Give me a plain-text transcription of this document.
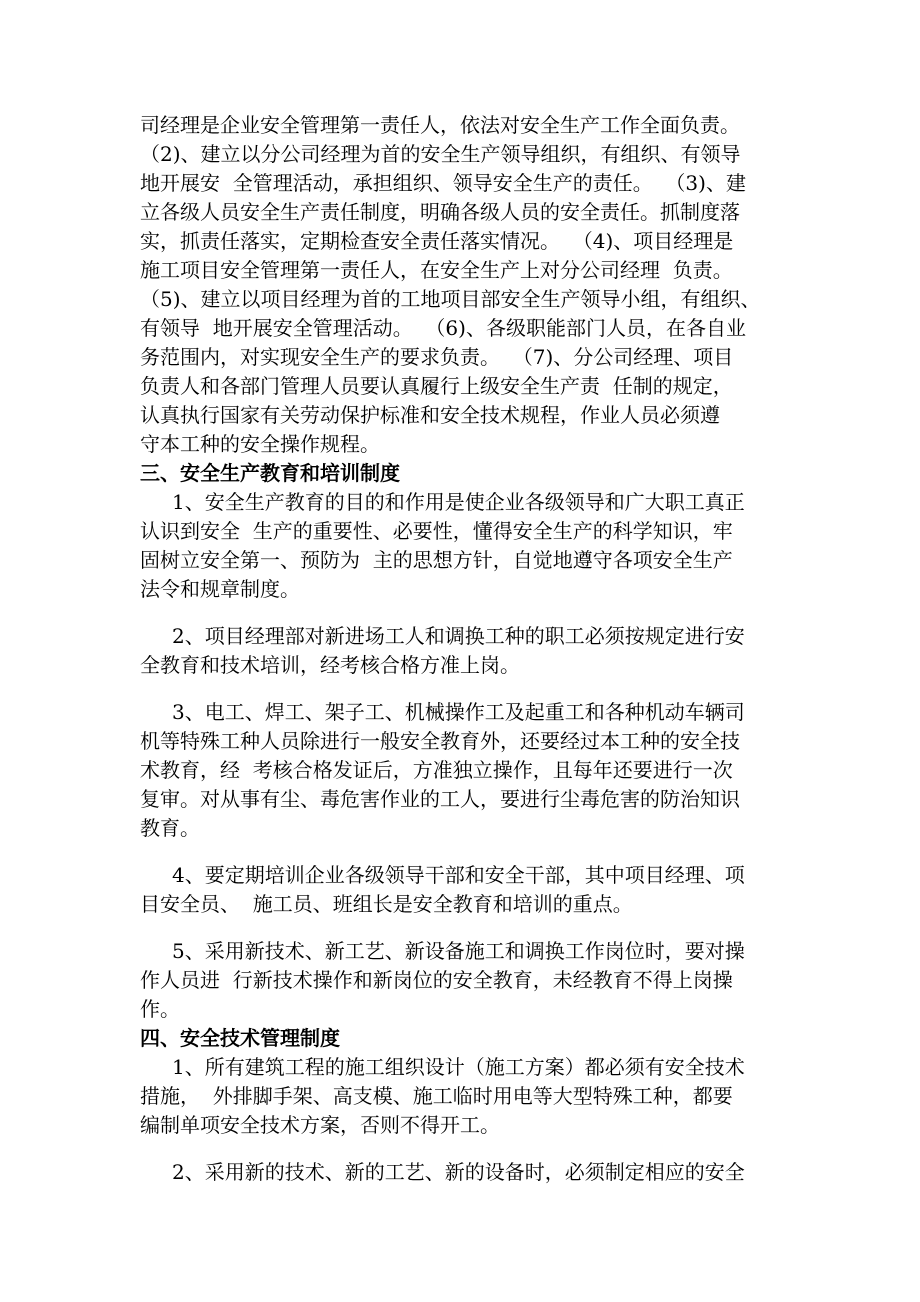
司经理是企业安全管理第一责任人，依法对安全生产工作全面负责。
（2)、建立以分公司经理为首的安全生产领导组织，有组织、有领导
地开展安  全管理活动，承担组织、领导安全生产的责任。  （3)、建
立各级人员安全生产责任制度，明确各级人员的安全责任。抓制度落
实，抓责任落实，定期检查安全责任落实情况。  （4)、项目经理是
施工项目安全管理第一责任人，在安全生产上对分公司经理  负责。
（5)、建立以项目经理为首的工地项目部安全生产领导小组，有组织、
有领导  地开展安全管理活动。  （6)、各级职能部门人员，在各自业
务范围内，对实现安全生产的要求负责。  （7)、分公司经理、项目
负责人和各部门管理人员要认真履行上级安全生产责  任制的规定，
认真执行国家有关劳动保护标准和安全技术规程，作业人员必须遵
守本工种的安全操作规程。
三、安全生产教育和培训制度
1、安全生产教育的目的和作用是使企业各级领导和广大职工真正
认识到安全  生产的重要性、必要性，懂得安全生产的科学知识，牢
固树立安全第一、预防为  主的思想方针，自觉地遵守各项安全生产
法令和规章制度。
2、项目经理部对新进场工人和调换工种的职工必须按规定进行安
全教育和技术培训，经考核合格方准上岗。
3、电工、焊工、架子工、机械操作工及起重工和各种机动车辆司
机等特殊工种人员除进行一般安全教育外，还要经过本工种的安全技
术教育，经  考核合格发证后，方准独立操作，且每年还要进行一次
复审。对从事有尘、毒危害作业的工人，要进行尘毒危害的防治知识
教育。
4、要定期培训企业各级领导干部和安全干部，其中项目经理、项
目安全员、  施工员、班组长是安全教育和培训的重点。
5、采用新技术、新工艺、新设备施工和调换工作岗位时，要对操
作人员进  行新技术操作和新岗位的安全教育，未经教育不得上岗操
作。
四、安全技术管理制度
1、所有建筑工程的施工组织设计（施工方案）都必须有安全技术
措施，  外排脚手架、高支模、施工临时用电等大型特殊工种，都要
编制单项安全技术方案，否则不得开工。
2、采用新的技术、新的工艺、新的设备时，必须制定相应的安全
